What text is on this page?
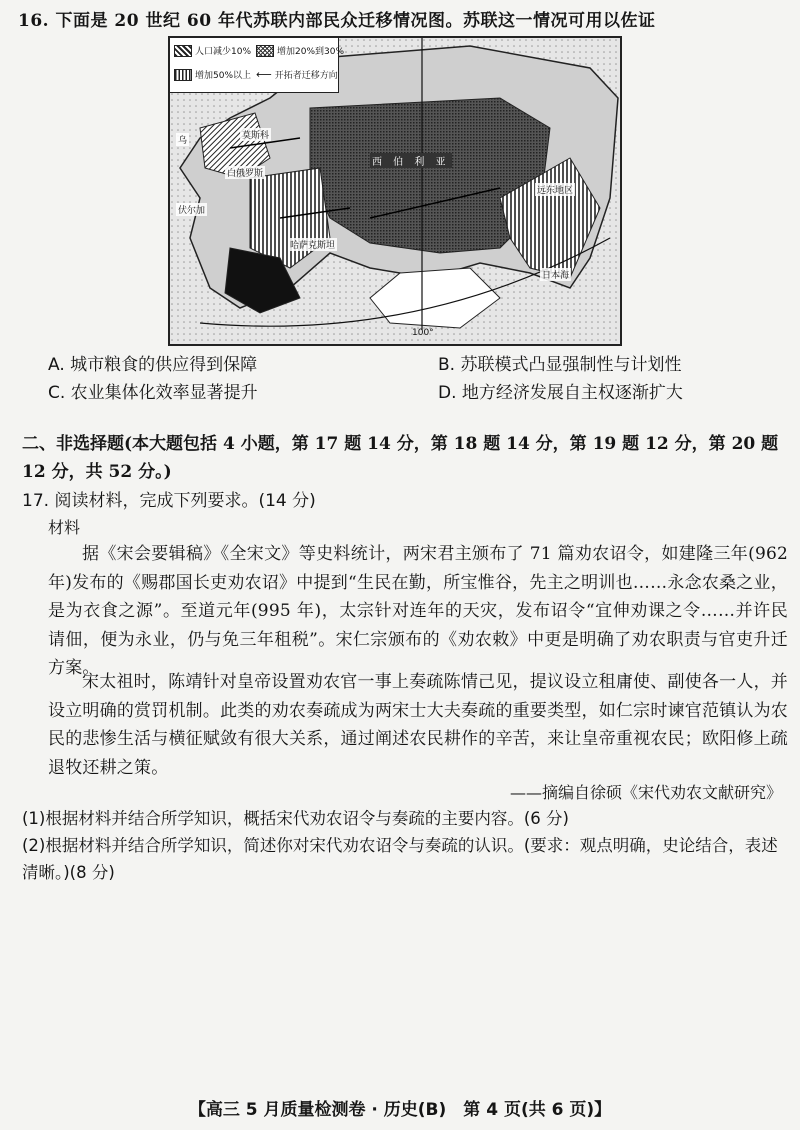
16. 下面是 20 世纪 60 年代苏联内部民众迁移情况图。苏联这一情况可用以佐证
人口减少10%	增加20%到30%
增加50%以上 ⟵ 开拓者迁移方向
莫斯科
乌
白俄罗斯
伏尔加
哈萨克斯坦
西 伯 利 亚
远东地区
日本海
100°
A. 城市粮食的供应得到保障	B. 苏联模式凸显强制性与计划性
C. 农业集体化效率显著提升	D. 地方经济发展自主权逐渐扩大
二、非选择题(本大题包括 4 小题，第 17 题 14 分，第 18 题 14 分，第 19 题 12 分，第 20 题 12 分，共 52 分。)
17. 阅读材料，完成下列要求。(14 分)
材料
据《宋会要辑稿》《全宋文》等史料统计，两宋君主颁布了 71 篇劝农诏令，如建隆三年(962 年)发布的《赐郡国长吏劝农诏》中提到“生民在勤，所宝惟谷，先主之明训也……永念农桑之业，是为衣食之源”。至道元年(995 年)，太宗针对连年的天灾，发布诏令“宜伸劝课之令……并许民请佃，便为永业，仍与免三年租税”。宋仁宗颁布的《劝农敕》中更是明确了劝农职责与官吏升迁方案。
宋太祖时，陈靖针对皇帝设置劝农官一事上奏疏陈情己见，提议设立租庸使、副使各一人，并设立明确的赏罚机制。此类的劝农奏疏成为两宋士大夫奏疏的重要类型，如仁宗时谏官范镇认为农民的悲惨生活与横征赋敛有很大关系，通过阐述农民耕作的辛苦，来让皇帝重视农民；欧阳修上疏退牧还耕之策。
——摘编自徐硕《宋代劝农文献研究》
(1)根据材料并结合所学知识，概括宋代劝农诏令与奏疏的主要内容。(6 分)
(2)根据材料并结合所学知识，简述你对宋代劝农诏令与奏疏的认识。(要求：观点明确，史论结合，表述清晰。)(8 分)
【高三 5 月质量检测卷 · 历史(B)　第 4 页(共 6 页)】
